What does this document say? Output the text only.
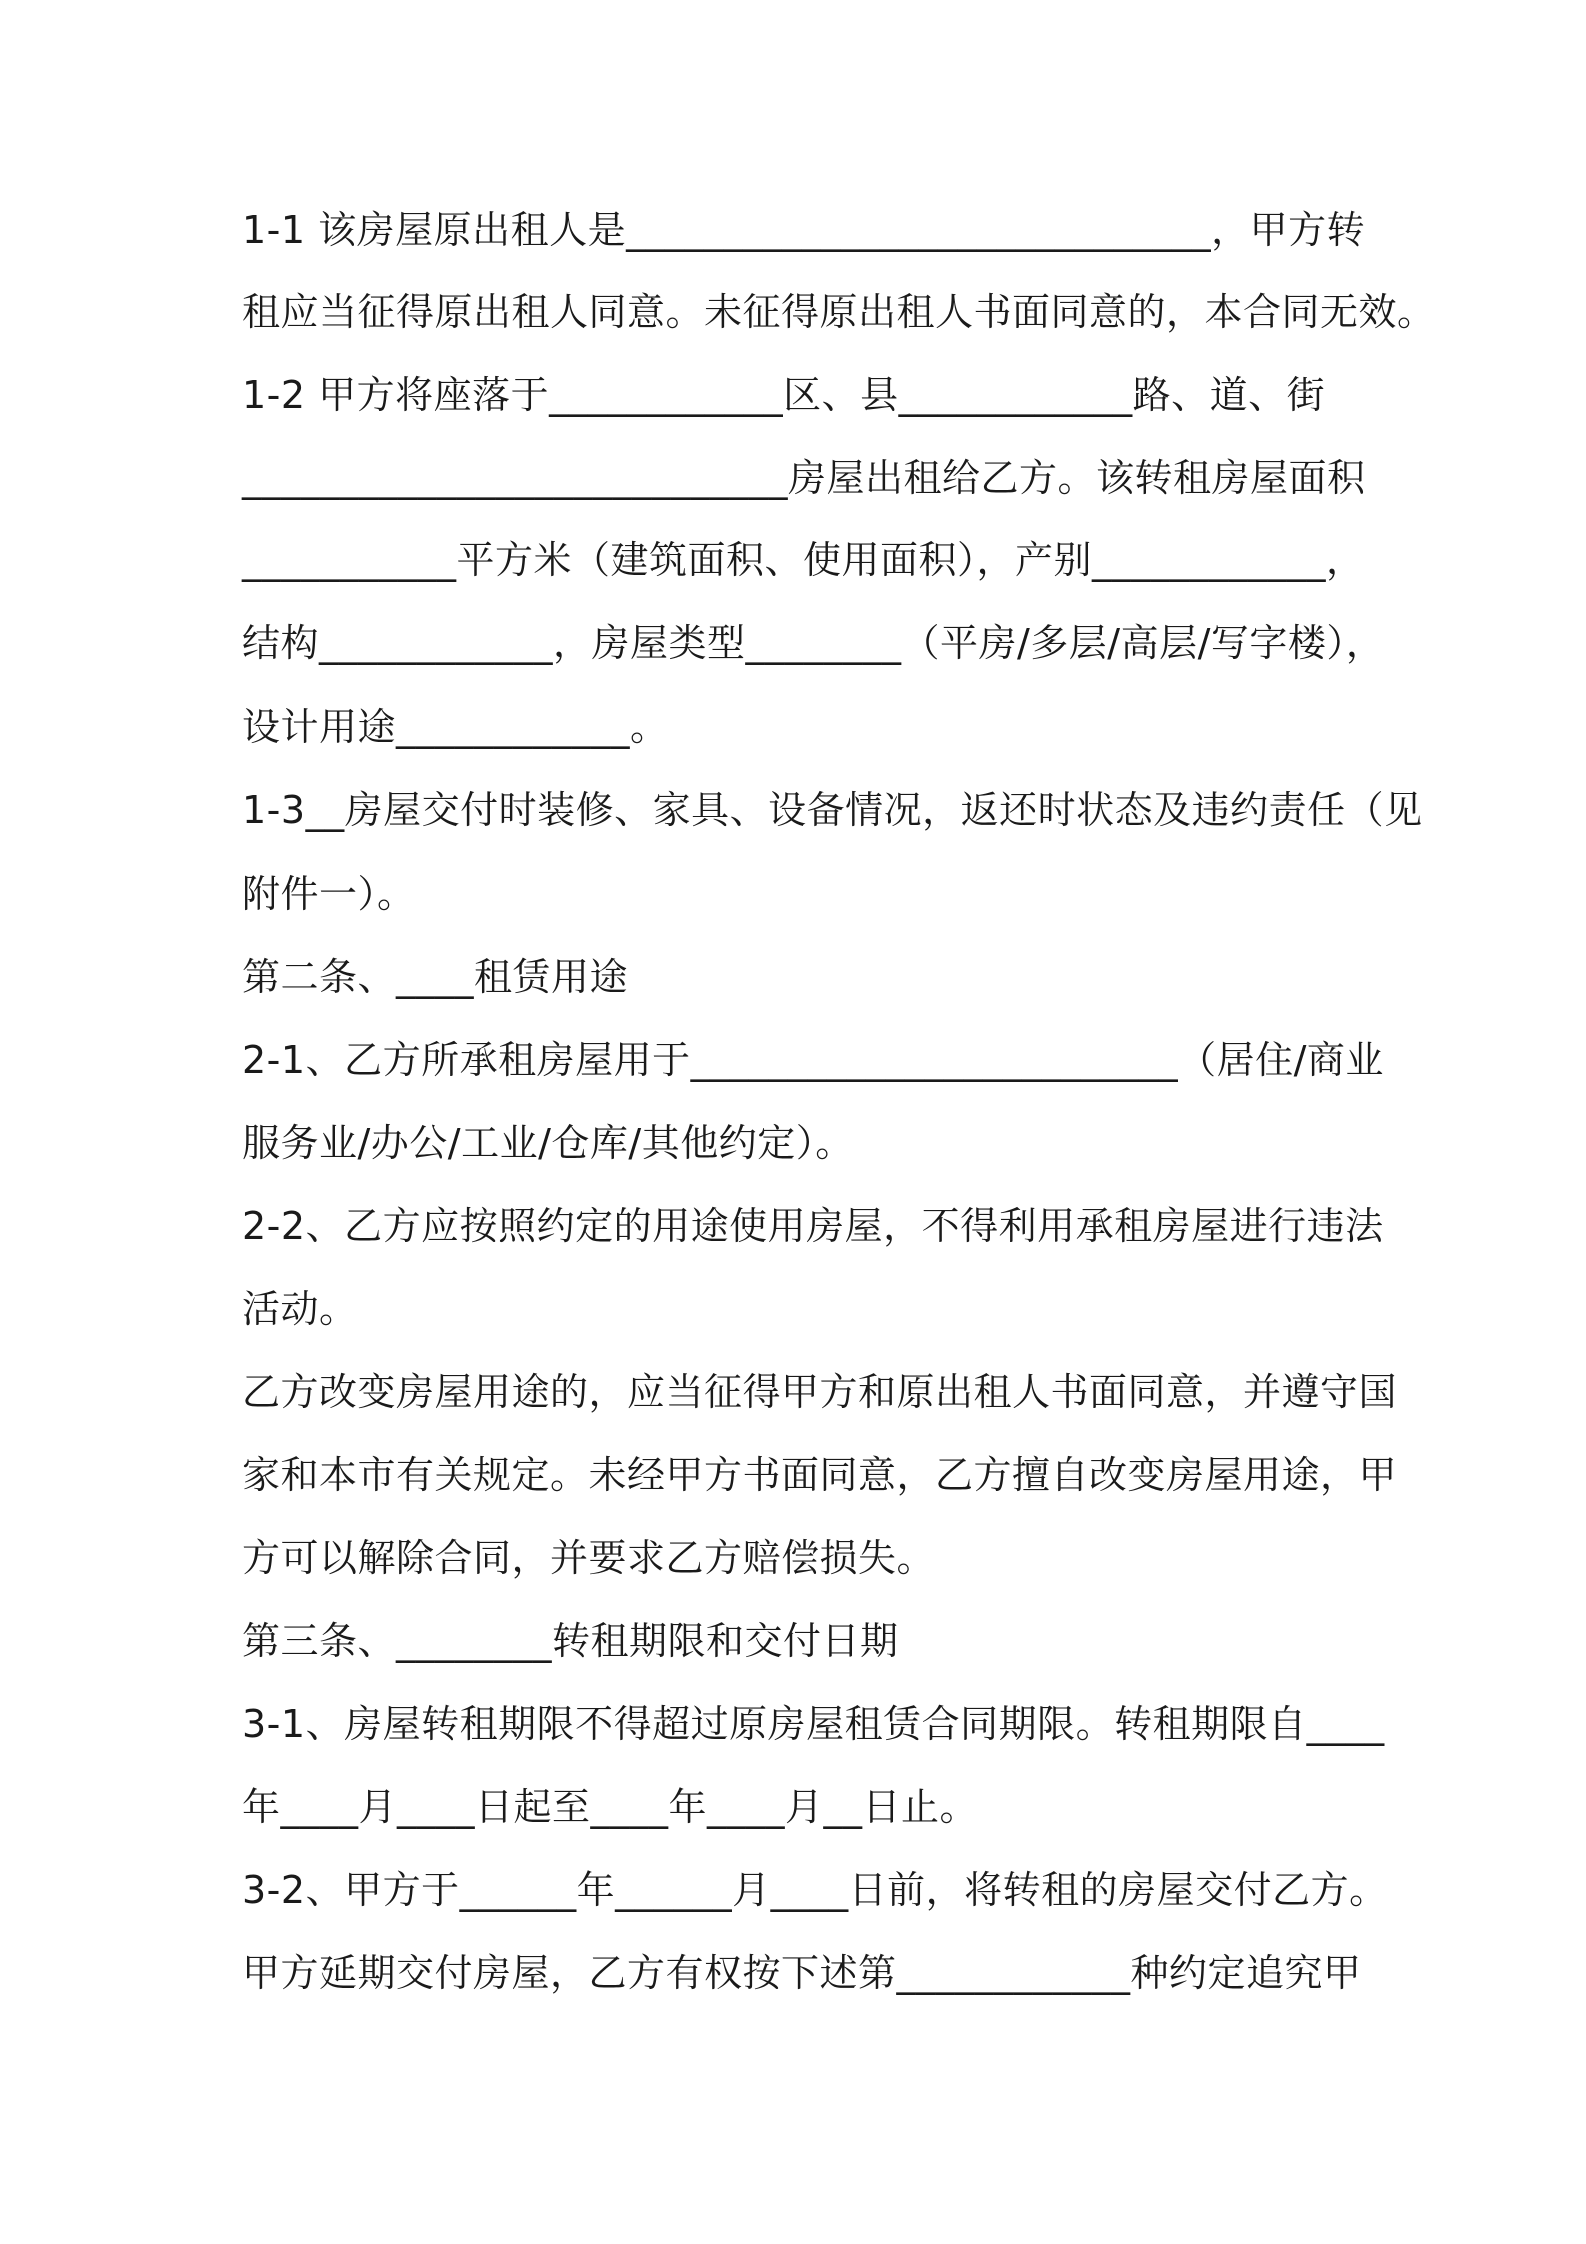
1-1 该房屋原出租人是______________________________，甲方转
租应当征得原出租人同意。未征得原出租人书面同意的，本合同无效。
1-2 甲方将座落于____________区、县____________路、道、街
____________________________房屋出租给乙方。该转租房屋面积
___________平方米（建筑面积、使用面积），产别____________，
结构____________，房屋类型________（平房/多层/高层/写字楼），
设计用途____________。
1-3__房屋交付时装修、家具、设备情况，返还时状态及违约责任（见
附件一）。
第二条、____租赁用途
2-1、乙方所承租房屋用于_________________________（居住/商业
服务业/办公/工业/仓库/其他约定）。
2-2、乙方应按照约定的用途使用房屋，不得利用承租房屋进行违法
活动。
乙方改变房屋用途的，应当征得甲方和原出租人书面同意，并遵守国
家和本市有关规定。未经甲方书面同意，乙方擅自改变房屋用途，甲
方可以解除合同，并要求乙方赔偿损失。
第三条、________转租期限和交付日期
3-1、房屋转租期限不得超过原房屋租赁合同期限。转租期限自____
年____月____日起至____年____月__日止。
3-2、甲方于______年______月____日前，将转租的房屋交付乙方。
甲方延期交付房屋，乙方有权按下述第____________种约定追究甲
